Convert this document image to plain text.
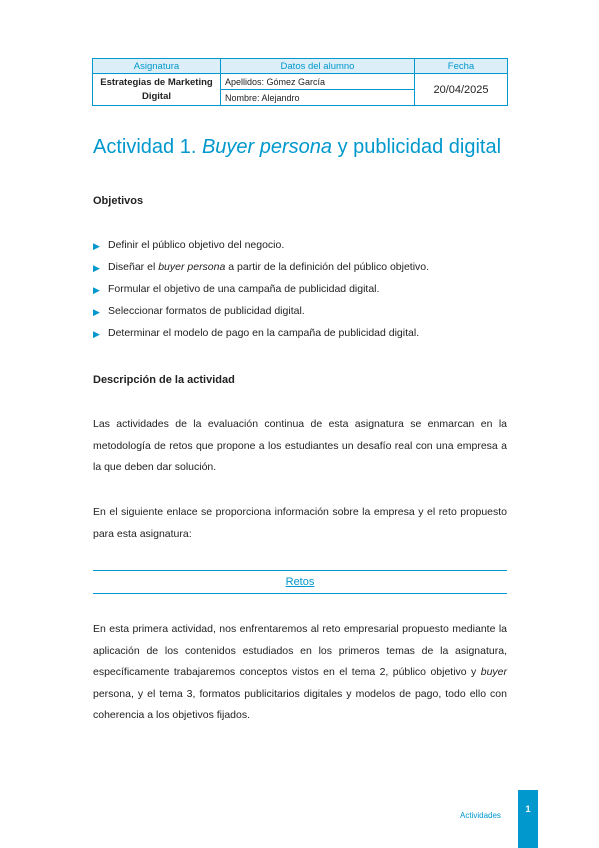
Asignatura	Datos del alumno	Fecha
Estrategias de Marketing Digital	Apellidos: Gómez García	20/04/2025
	Nombre: Alejandro	
Actividad 1. Buyer persona y publicidad digital
Objetivos
▶ Definir el público objetivo del negocio.
▶ Diseñar el buyer persona a partir de la definición del público objetivo.
▶ Formular el objetivo de una campaña de publicidad digital.
▶ Seleccionar formatos de publicidad digital.
▶ Determinar el modelo de pago en la campaña de publicidad digital.
Descripción de la actividad

Las actividades de la evaluación continua de esta asignatura se enmarcan en la metodología de retos que propone a los estudiantes un desafío real con una empresa a la que deben dar solución.

En el siguiente enlace se proporciona información sobre la empresa y el reto propuesto para esta asignatura:

Retos

En esta primera actividad, nos enfrentaremos al reto empresarial propuesto mediante la aplicación de los contenidos estudiados en los primeros temas de la asignatura, específicamente trabajaremos conceptos vistos en el tema 2, público objetivo y buyer persona, y el tema 3, formatos publicitarios digitales y modelos de pago, todo ello con coherencia a los objetivos fijados.

Actividades
1
